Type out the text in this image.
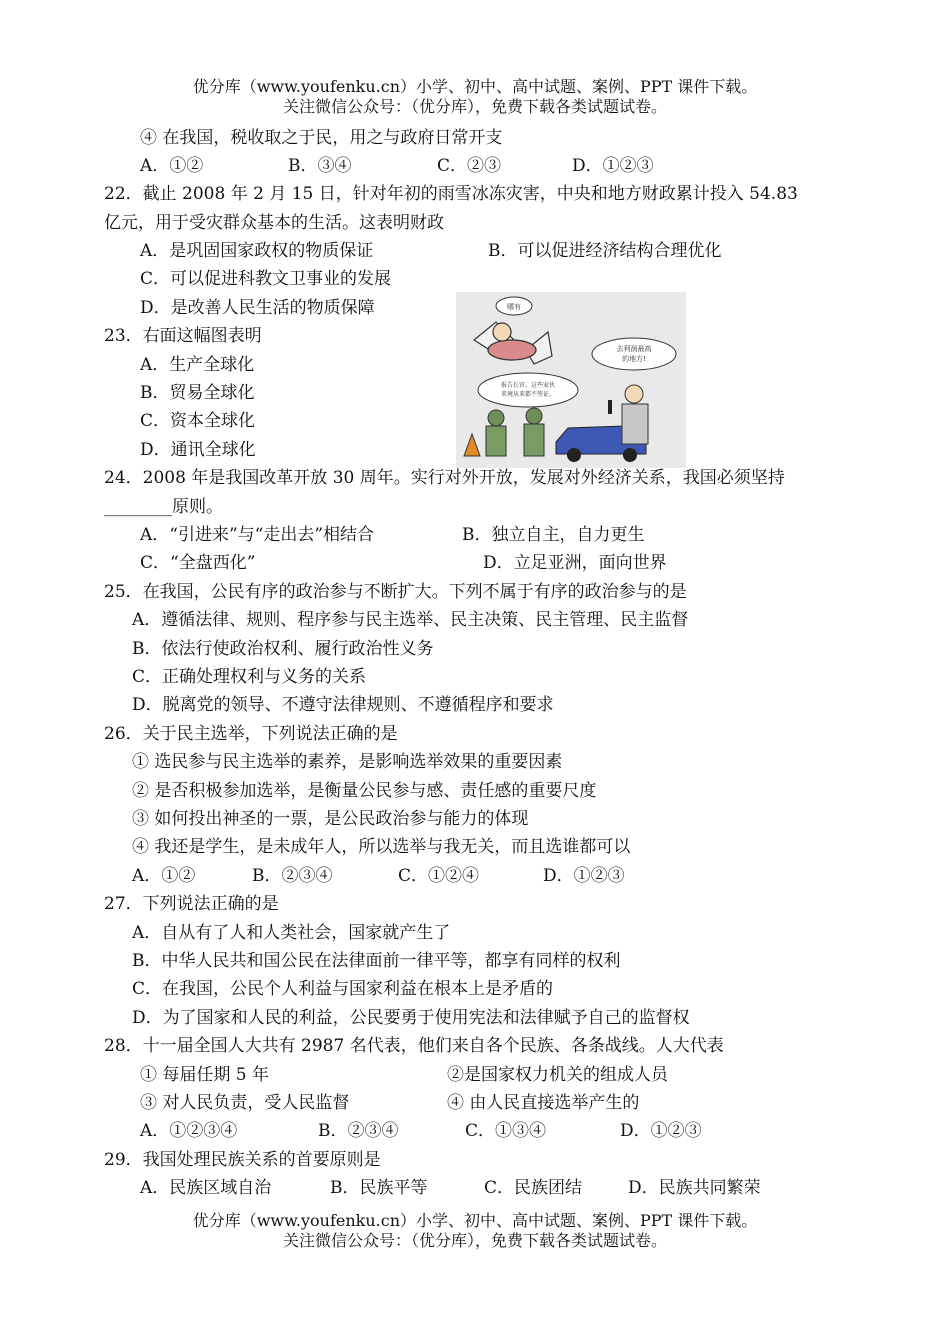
优分库（www.youfenku.cn）小学、初中、高中试题、案例、PPT 课件下载。
关注微信公众号：（优分库），免费下载各类试题试卷。
④ 在我国，税收取之于民，用之与政府日常开支
A．①②	B．③④	C．②③	D．①②③
22．截止 2008 年 2 月 15 日，针对年初的雨雪冰冻灾害，中央和地方财政累计投入 54.83
亿元，用于受灾群众基本的生活。这表明财政
A．是巩固国家政权的物质保证	B．可以促进经济结构合理优化
C．可以促进科教文卫事业的发展
D．是改善人民生活的物质保障
23．右面这幅图表明
A．生产全球化
B．贸易全球化
C．资本全球化
D．通讯全球化
哪有
去利润最高
的地方!
报告长官，这些家伙
来境从来都不签证。
24．2008 年是我国改革开放 30 周年。实行对外开放，发展对外经济关系，我国必须坚持
________原则。
A．“引进来”与“走出去”相结合	B．独立自主，自力更生
C．“全盘西化”	D．立足亚洲，面向世界
25．在我国，公民有序的政治参与不断扩大。下列不属于有序的政治参与的是
A．遵循法律、规则、程序参与民主选举、民主决策、民主管理、民主监督
B．依法行使政治权利、履行政治性义务
C．正确处理权利与义务的关系
D．脱离党的领导、不遵守法律规则、不遵循程序和要求
26．关于民主选举，下列说法正确的是
① 选民参与民主选举的素养，是影响选举效果的重要因素
② 是否积极参加选举，是衡量公民参与感、责任感的重要尺度
③ 如何投出神圣的一票，是公民政治参与能力的体现
④ 我还是学生，是未成年人，所以选举与我无关，而且选谁都可以
A．①②	B．②③④	C．①②④	D．①②③
27．下列说法正确的是
A．自从有了人和人类社会，国家就产生了
B．中华人民共和国公民在法律面前一律平等，都享有同样的权利
C．在我国，公民个人利益与国家利益在根本上是矛盾的
D．为了国家和人民的利益，公民要勇于使用宪法和法律赋予自己的监督权
28．十一届全国人大共有 2987 名代表，他们来自各个民族、各条战线。人大代表
① 每届任期 5 年	②是国家权力机关的组成人员
③ 对人民负责，受人民监督	④ 由人民直接选举产生的
A．①②③④	B．②③④	C．①③④	D．①②③
29．我国处理民族关系的首要原则是
A．民族区域自治	B．民族平等	C．民族团结	D．民族共同繁荣
优分库（www.youfenku.cn）小学、初中、高中试题、案例、PPT 课件下载。
关注微信公众号：（优分库），免费下载各类试题试卷。
